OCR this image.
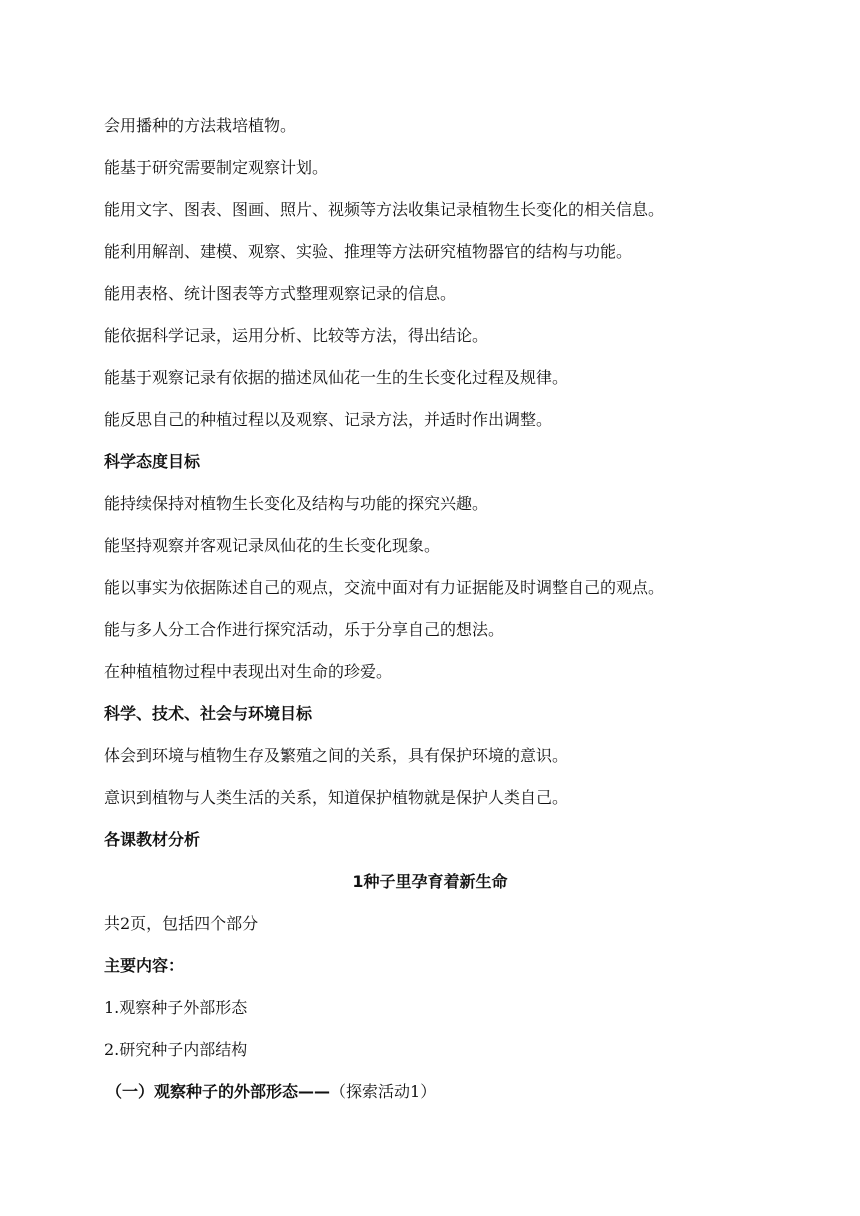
会用播种的方法栽培植物。
能基于研究需要制定观察计划。
能用文字、图表、图画、照片、视频等方法收集记录植物生长变化的相关信息。
能利用解剖、建模、观察、实验、推理等方法研究植物器官的结构与功能。
能用表格、统计图表等方式整理观察记录的信息。
能依据科学记录，运用分析、比较等方法，得出结论。
能基于观察记录有依据的描述凤仙花一生的生长变化过程及规律。
能反思自己的种植过程以及观察、记录方法，并适时作出调整。
科学态度目标
能持续保持对植物生长变化及结构与功能的探究兴趣。
能坚持观察并客观记录凤仙花的生长变化现象。
能以事实为依据陈述自己的观点，交流中面对有力证据能及时调整自己的观点。
能与多人分工合作进行探究活动，乐于分享自己的想法。
在种植植物过程中表现出对生命的珍爱。
科学、技术、社会与环境目标
体会到环境与植物生存及繁殖之间的关系，具有保护环境的意识。
意识到植物与人类生活的关系，知道保护植物就是保护人类自己。
各课教材分析
1种子里孕育着新生命
共2页，包括四个部分
主要内容：
1.观察种子外部形态
2.研究种子内部结构
（一）观察种子的外部形态——（探索活动1）
